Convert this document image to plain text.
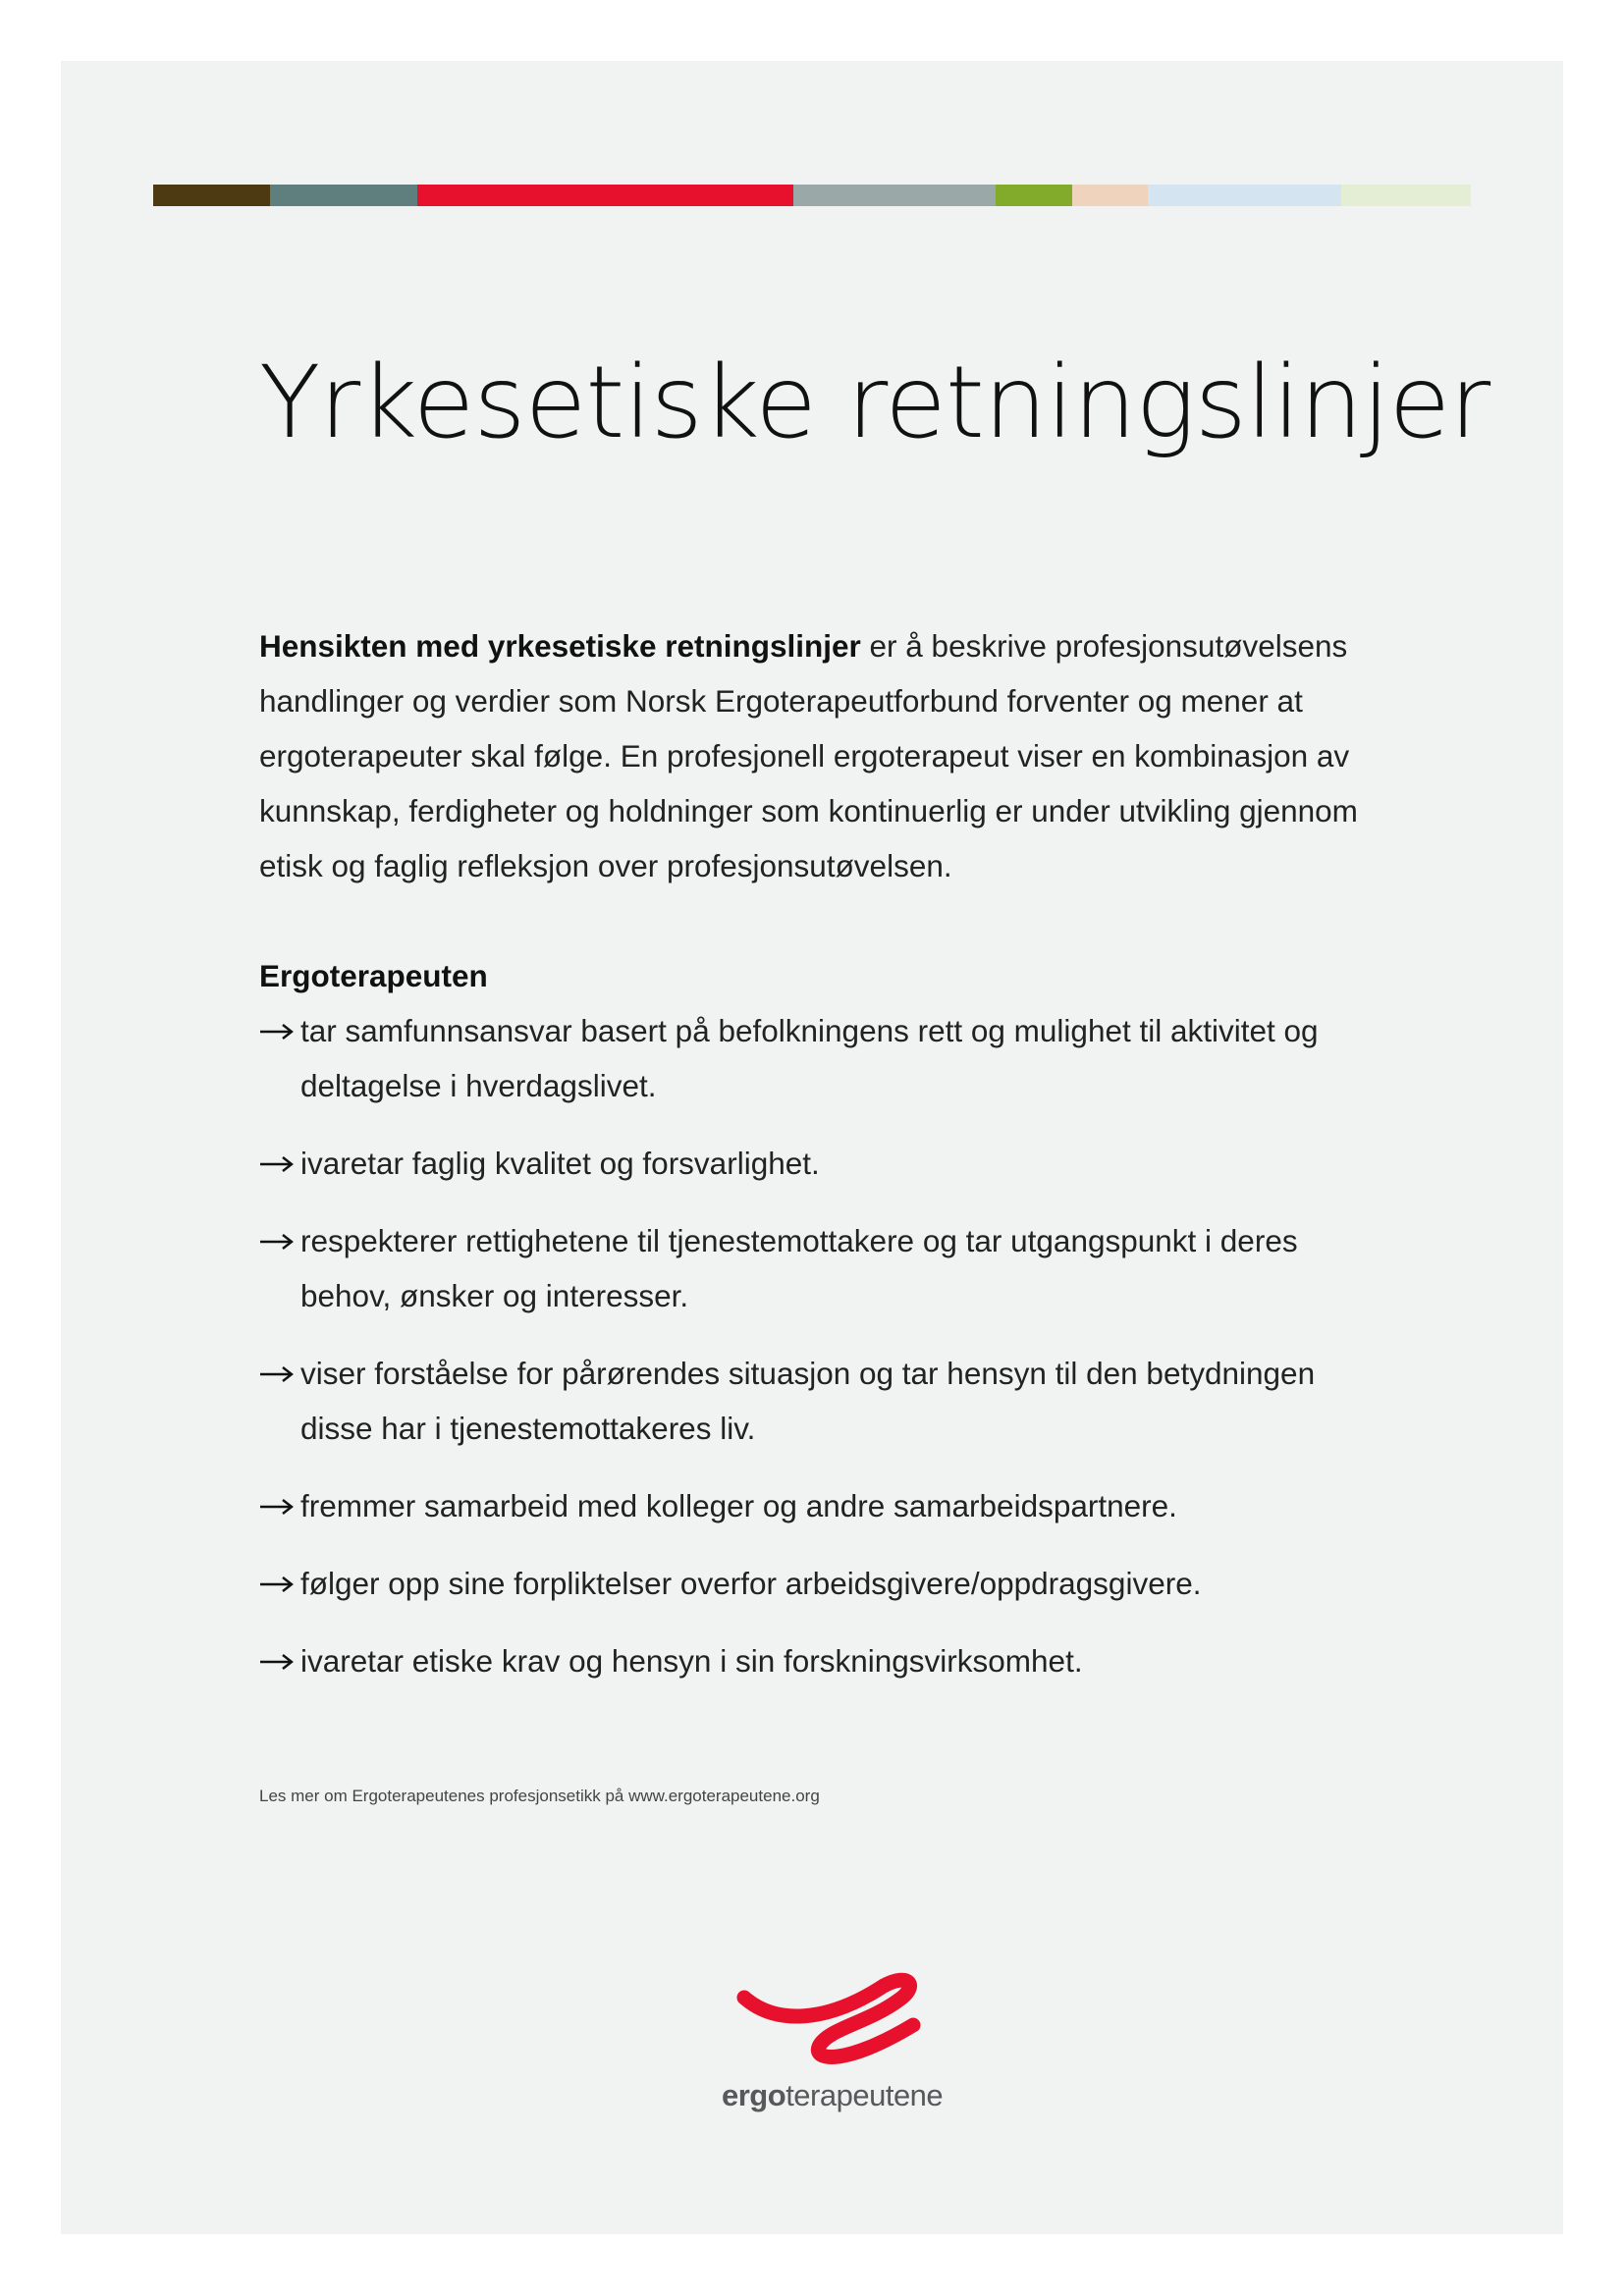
Yrkesetiske retningslinjer

Hensikten med yrkesetiske retningslinjer er å beskrive profesjonsutøvelsens handlinger og verdier som Norsk Ergoterapeutforbund forventer og mener at ergoterapeuter skal følge. En profesjonell ergoterapeut viser en kombinasjon av kunnskap, ferdigheter og holdninger som kontinuerlig er under utvikling gjennom etisk og faglig refleksjon over profesjonsutøvelsen.

Ergoterapeuten
tar samfunnsansvar basert på befolkningens rett og mulighet til aktivitet og deltagelse i hverdagslivet.
ivaretar faglig kvalitet og forsvarlighet.
respekterer rettighetene til tjenestemottakere og tar utgangspunkt i deres behov, ønsker og interesser.
viser forståelse for pårørendes situasjon og tar hensyn til den betydningen disse har i tjenestemottakeres liv.
fremmer samarbeid med kolleger og andre samarbeidspartnere.
følger opp sine forpliktelser overfor arbeidsgivere/oppdragsgivere.
ivaretar etiske krav og hensyn i sin forskningsvirksomhet.

Les mer om Ergoterapeutenes profesjonsetikk på www.ergoterapeutene.org

ergoterapeutene
